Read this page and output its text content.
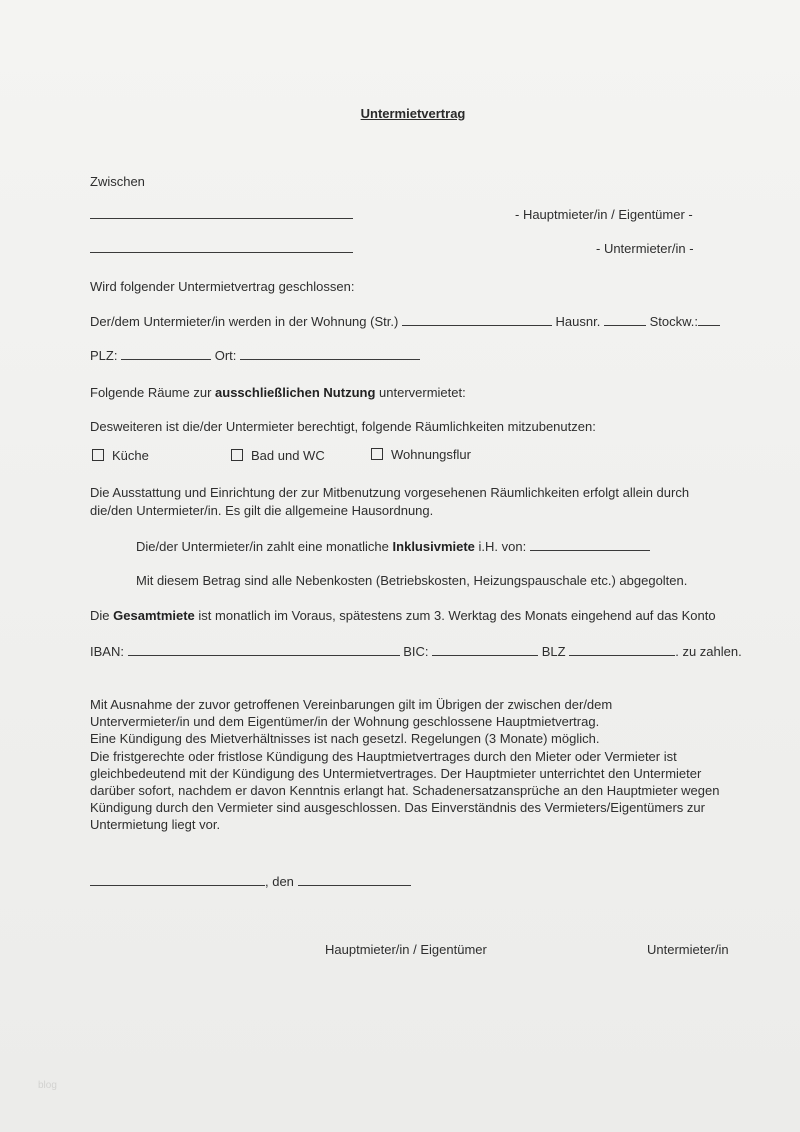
Untermietvertrag
Zwischen
- Hauptmieter/in / Eigentümer -
- Untermieter/in -
Wird folgender Untermietvertrag geschlossen:
Der/dem Untermieter/in werden in der Wohnung (Str.)	Hausnr.	Stockw.:
PLZ:	Ort:
Folgende Räume zur ausschließlichen Nutzung untervermietet:
Desweiteren ist die/der Untermieter berechtigt, folgende Räumlichkeiten mitzubenutzen:
Küche	Bad und WC	Wohnungsflur
Die Ausstattung und Einrichtung der zur Mitbenutzung vorgesehenen Räumlichkeiten erfolgt allein durch
die/den Untermieter/in. Es gilt die allgemeine Hausordnung.
Die/der Untermieter/in zahlt eine monatliche Inklusivmiete i.H. von:
Mit diesem Betrag sind alle Nebenkosten (Betriebskosten, Heizungspauschale etc.) abgegolten.
Die Gesamtmiete ist monatlich im Voraus, spätestens zum 3. Werktag des Monats eingehend auf das Konto
IBAN:	BIC:	BLZ	. zu zahlen.
Mit Ausnahme der zuvor getroffenen Vereinbarungen gilt im Übrigen der zwischen der/dem
Untervermieter/in und dem Eigentümer/in der Wohnung geschlossene Hauptmietvertrag.
Eine Kündigung des Mietverhältnisses ist nach gesetzl. Regelungen (3 Monate) möglich.
Die fristgerechte oder fristlose Kündigung des Hauptmietvertrages durch den Mieter oder Vermieter ist
gleichbedeutend mit der Kündigung des Untermietvertrages. Der Hauptmieter unterrichtet den Untermieter
darüber sofort, nachdem er davon Kenntnis erlangt hat. Schadenersatzansprüche an den Hauptmieter wegen
Kündigung durch den Vermieter sind ausgeschlossen. Das Einverständnis des Vermieters/Eigentümers zur
Untermietung liegt vor.
, den
Hauptmieter/in / Eigentümer	Untermieter/in
blog
